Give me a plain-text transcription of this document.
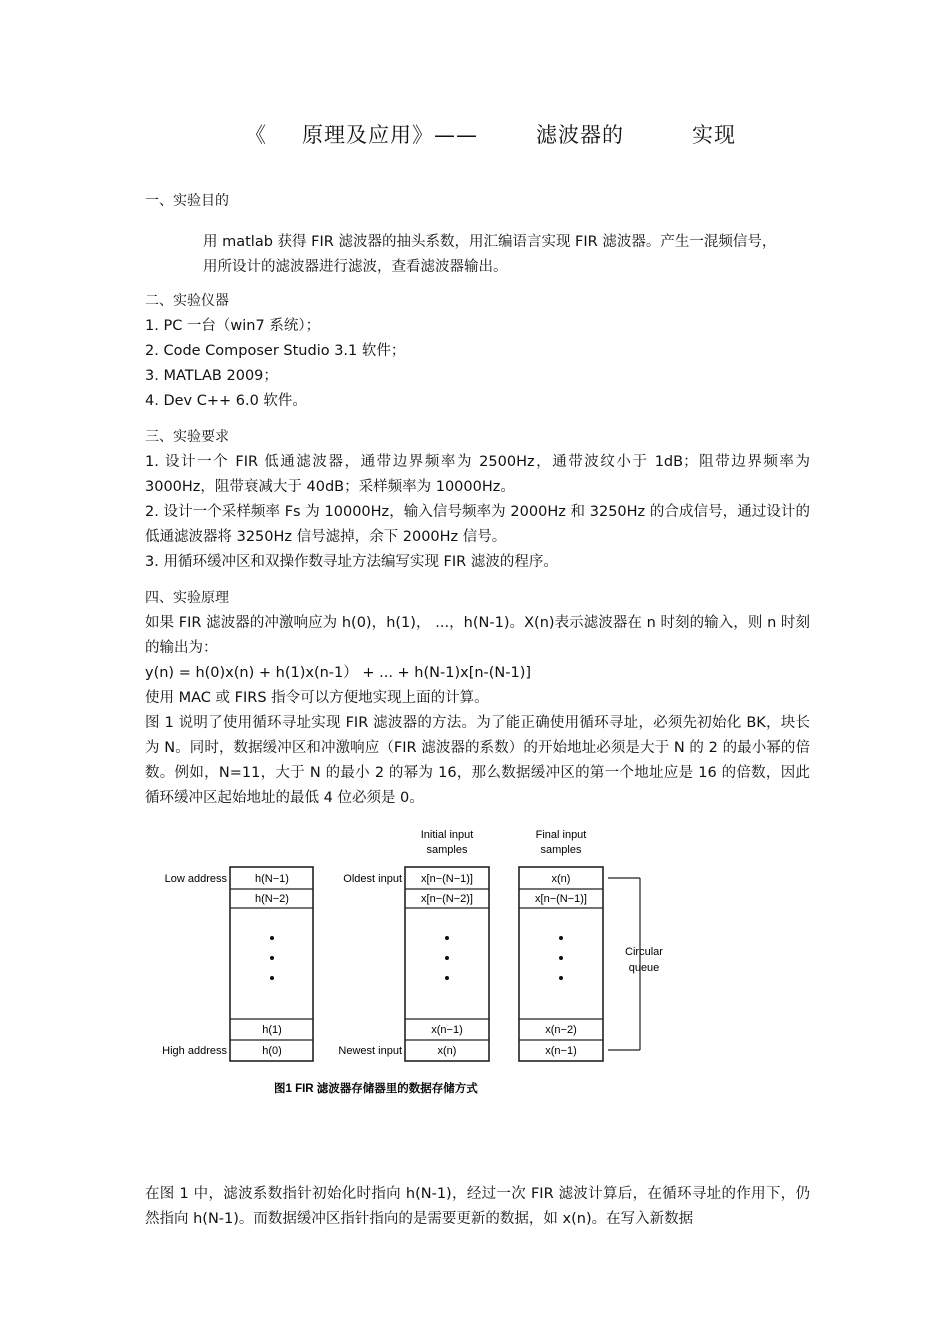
《 原理及应用》——	滤波器的	实现

一、实验目的

用 matlab 获得 FIR 滤波器的抽头系数，用汇编语言实现 FIR 滤波器。产生一混频信号，

用所设计的滤波器进行滤波，查看滤波器输出。

二、实验仪器

1. PC 一台（win7 系统）；

2. Code Composer Studio 3.1 软件；

3. MATLAB 2009；

4. Dev C++ 6.0 软件。

三、实验要求

1. 设计一个 FIR 低通滤波器，通带边界频率为 2500Hz，通带波纹小于 1dB；阻带边界频率为 3000Hz，阻带衰减大于 40dB；采样频率为 10000Hz。

2. 设计一个采样频率 Fs 为 10000Hz，输入信号频率为 2000Hz 和 3250Hz 的合成信号，通过设计的低通滤波器将 3250Hz 信号滤掉，余下 2000Hz 信号。

3. 用循环缓冲区和双操作数寻址方法编写实现 FIR 滤波的程序。

四、实验原理

如果 FIR 滤波器的冲激响应为 h(0)，h(1)， ...，h(N-1)。X(n)表示滤波器在 n 时刻的输入，则 n 时刻的输出为：

y(n) = h(0)x(n) + h(1)x(n-1） + ... + h(N-1)x[n-(N-1)]

使用 MAC 或 FIRS 指令可以方便地实现上面的计算。

图 1 说明了使用循环寻址实现 FIR 滤波器的方法。为了能正确使用循环寻址，必须先初始化 BK，块长为 N。同时，数据缓冲区和冲激响应（FIR 滤波器的系数）的开始地址必须是大于 N 的 2 的最小幂的倍数。例如，N=11，大于 N 的最小 2 的幂为 16，那么数据缓冲区的第一个地址应是 16 的倍数，因此循环缓冲区起始地址的最低 4 位必须是 0。

Initial input
samples
Final input
samples
Low address
High address
Oldest input
Newest input
h(N−1)
h(N−2)
h(1)
h(0)
x[n−(N−1)]
x[n−(N−2)]
x(n−1)
x(n)
x(n)
x[n−(N−1)]
x(n−2)
x(n−1)
Circular
queue
图1 FIR 滤波器存储器里的数据存储方式

在图 1 中，滤波系数指针初始化时指向 h(N-1)，经过一次 FIR 滤波计算后，在循环寻址的作用下，仍然指向 h(N-1)。而数据缓冲区指针指向的是需要更新的数据，如 x(n)。在写入新数据
